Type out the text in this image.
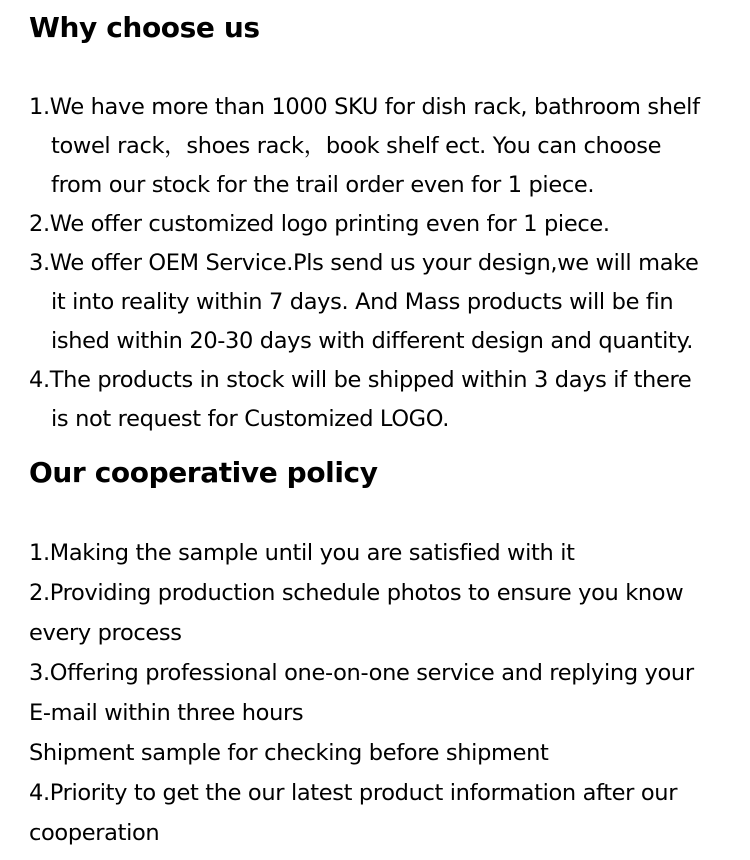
Why choose us
1.We have more than 1000 SKU for dish rack, bathroom shelf
towel rack，shoes rack，book shelf ect. You can choose
from our stock for the trail order even for 1 piece.
2.We offer customized logo printing even for 1 piece.
3.We offer OEM Service.Pls send us your design,we will make
it into reality within 7 days. And Mass products will be fin
ished within 20-30 days with different design and quantity.
4.The products in stock will be shipped within 3 days if there
is not request for Customized LOGO.
Our cooperative policy
1.Making the sample until you are satisfied with it
2.Providing production schedule photos to ensure you know
every process
3.Offering professional one-on-one service and replying your
E-mail within three hours
Shipment sample for checking before shipment
4.Priority to get the our latest product information after our
cooperation
